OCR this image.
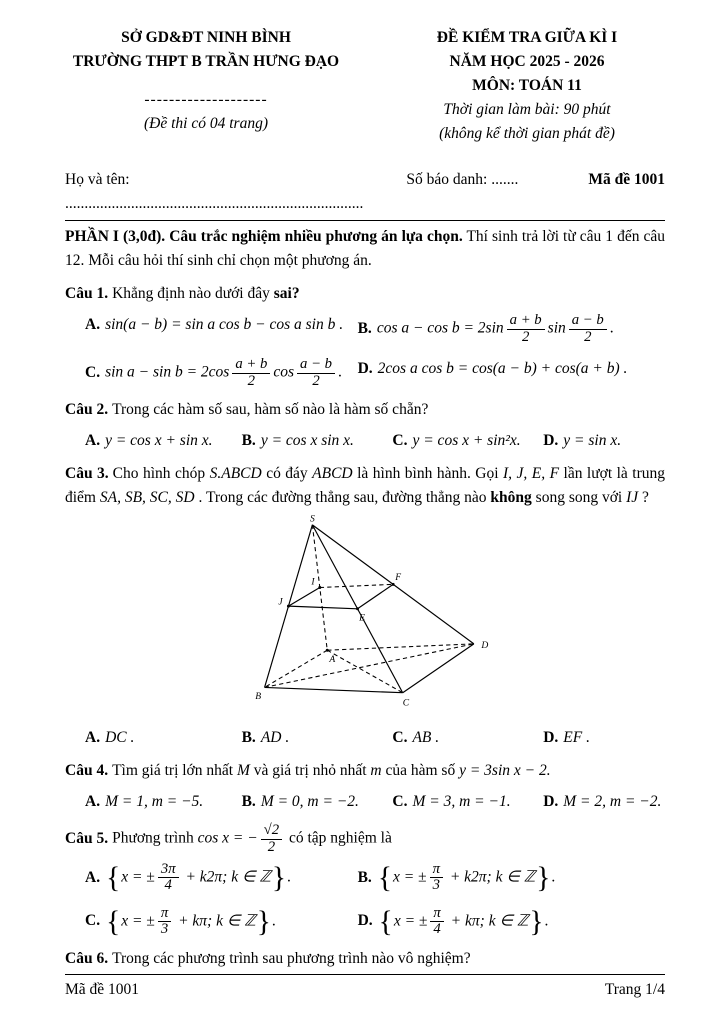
SỞ GD&ĐT NINH BÌNH
TRƯỜNG THPT B TRẦN HƯNG ĐẠO
--------------------
(Đề thi có 04 trang)
ĐỀ KIỂM TRA GIỮA KÌ I
NĂM HỌC 2025 - 2026
MÔN: TOÁN 11
Thời gian làm bài: 90 phút
(không kể thời gian phát đề)
Họ và tên: .............................................................................
Số báo danh: .......	Mã đề 1001

PHẦN I (3,0đ). Câu trắc nghiệm nhiều phương án lựa chọn. Thí sinh trả lời từ câu 1 đến câu 12. Mỗi câu hỏi thí sinh chỉ chọn một phương án.

Câu 1. Khẳng định nào dưới đây sai?

A. sin(a − b) = sin a cos b − cos a sin b . B. $\cos a - \cos b = 2\sin \frac{a + b}{2}$ $\sin \frac{a - b}{2}$ .
C. $\sin a - \sin b = 2\cos \frac{a + b}{2}$ $\cos \frac{a - b}{2}$ .	D. 2cos a cos b = cos(a − b) + cos(a + b) .

Câu 2. Trong các hàm số sau, hàm số nào là hàm số chẵn?

A. y = cos x + sin x.	B. y = cos x sin x.	C. y = cos x + sin²x.	D. y = sin x.

Câu 3. Cho hình chóp S.ABCD có đáy ABCD là hình bình hành. Gọi I, J, E, F lần lượt là trung điểm SA, SB, SC, SD . Trong các đường thẳng sau, đường thẳng nào không song song với IJ ?

S
I
J
E
F
A
B
C
D
A. DC .	B. AD .	C. AB .	D. EF .

Câu 4. Tìm giá trị lớn nhất M và giá trị nhỏ nhất m của hàm số y = 3sin x − 2.

A. M = 1, m = −5.	B. M = 0, m = −2.	C. M = 3, m = −1.	D. M = 2, m = −2.

Câu 5. Phương trình cos x = − $\frac{√2}{2}$ có tập nghiệm là

A. {x = ± $\frac{3\pi}{4} + k2\pi$; k ∈ ℤ}.	B. {x = ± $\frac{\pi}{3} + k2\pi$; k ∈ ℤ}.
C. {x = ± $\frac{\pi}{3} + k\pi$; k ∈ ℤ}.	D. {x = ± $\frac{\pi}{4} + k\pi$; k ∈ ℤ}.

Câu 6. Trong các phương trình sau phương trình nào vô nghiệm?

Mã đề 1001	Trang 1/4
